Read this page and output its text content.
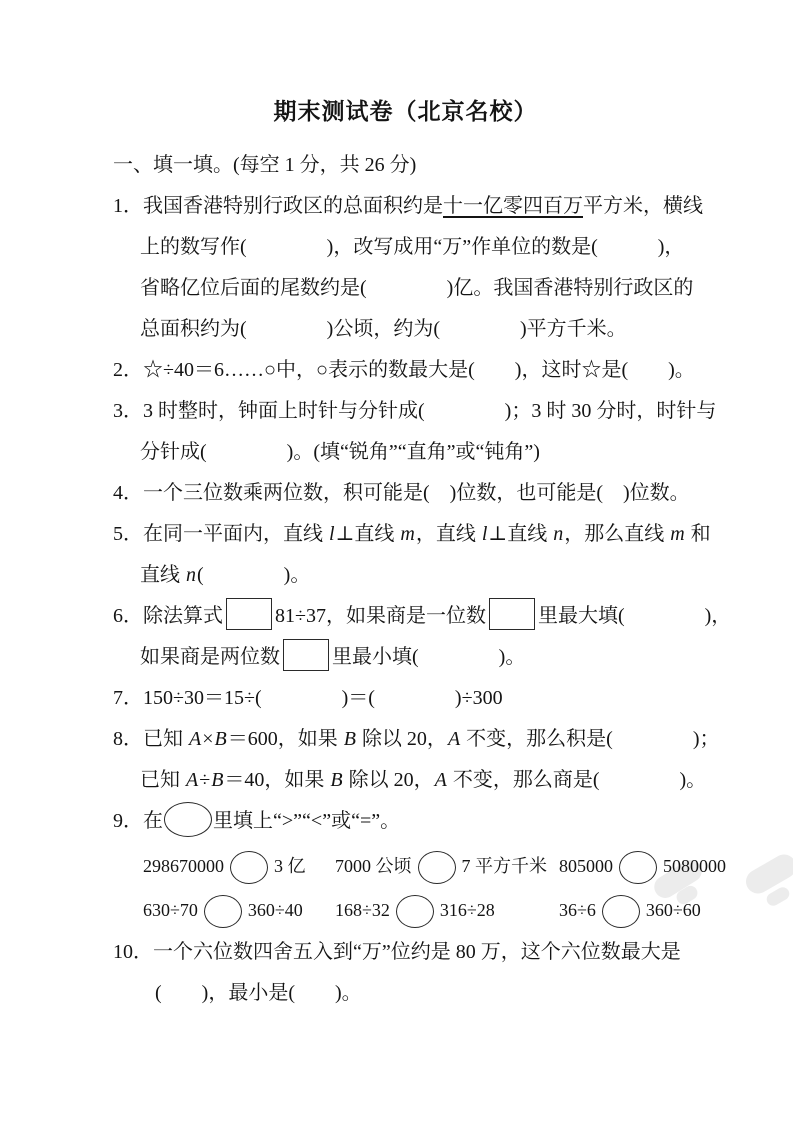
期末测试卷（北京名校）
一、填一填。(每空 1 分，共 26 分)
1．我国香港特别行政区的总面积约是十一亿零四百万平方米，横线
上的数写作(　　　　)，改写成用“万”作单位的数是(　　　)，
省略亿位后面的尾数约是(　　　　)亿。我国香港特别行政区的
总面积约为(　　　　)公顷，约为(　　　　)平方千米。
2．☆÷40＝6……○中，○表示的数最大是(　　)，这时☆是(　　)。
3．3 时整时，钟面上时针与分针成(　　　　)；3 时 30 分时，时针与
分针成(　　　　)。(填“锐角”“直角”或“钝角”)
4．一个三位数乘两位数，积可能是(　)位数，也可能是(　)位数。
5．在同一平面内，直线 l⊥直线 m，直线 l⊥直线 n，那么直线 m 和
直线 n(　　　　)。
6．除法算式	81÷37，如果商是一位数	里最大填(　　　　)，
如果商是两位数	里最小填(　　　　)。
7．150÷30＝15÷(　　　　)＝(　　　　)÷300
8．已知 A×B＝600，如果 B 除以 20，A 不变，那么积是(　　　　)；
已知 A÷B＝40，如果 B 除以 20，A 不变，那么商是(　　　　)。
9．在	里填上“>”“<”或“=”。
298670000	3 亿	7000 公顷	7 平方千米 805000	5080000
630÷70	360÷40	168÷32	316÷28	36÷6	360÷60
10．一个六位数四舍五入到“万”位约是 80 万，这个六位数最大是
(　　)，最小是(　　)。
